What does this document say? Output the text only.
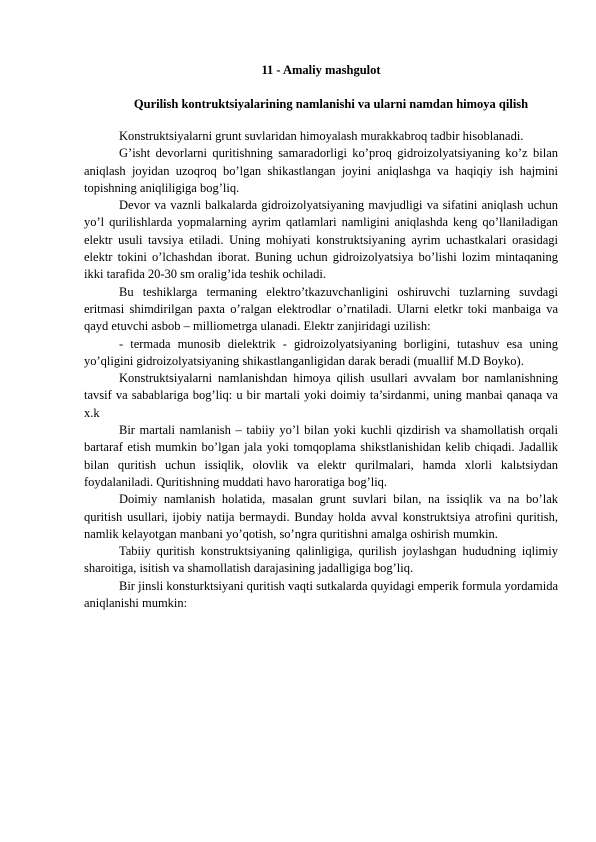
11 - Amaliy mashgulot

Qurilish kontruktsiyalarining namlanishi va ularni namdan himoya qilish

Konstruktsiyalarni grunt suvlaridan himoyalash murakkabroq tadbir hisoblanadi.

G’isht devorlarni quritishning samaradorligi ko’proq gidroizolyatsiyaning ko’z bilan aniqlash joyidan uzoqroq bo’lgan shikastlangan joyini aniqlashga va haqiqiy ish hajmini topishning aniqliligiga bog’liq.

Devor va vaznli balkalarda gidroizolyatsiyaning mavjudligi va sifatini aniqlash uchun yo’l qurilishlarda yopmalarning ayrim qatlamlari namligini aniqlashda keng qo’llaniladigan elektr usuli tavsiya etiladi. Uning mohiyati konstruktsiyaning ayrim uchastkalari orasidagi elektr tokini o’lchashdan iborat. Buning uchun gidroizolyatsiya bo’lishi lozim mintaqaning ikki tarafida 20-30 sm oralig’ida teshik ochiladi.

Bu teshiklarga termaning elektro’tkazuvchanligini oshiruvchi tuzlarning suvdagi eritmasi shimdirilgan paxta o’ralgan elektrodlar o’rnatiladi. Ularni eletkr toki manbaiga va qayd etuvchi asbob – milliometrga ulanadi. Elektr zanjiridagi uzilish:

- termada munosib dielektrik - gidroizolyatsiyaning borligini, tutashuv esa uning yo’qligini gidroizolyatsiyaning shikastlanganligidan darak beradi (muallif M.D Boyko).

Konstruktsiyalarni namlanishdan himoya qilish usullari avvalam bor namlanishning tavsif va sabablariga bog’liq: u bir martali yoki doimiy ta’sirdanmi, uning manbai qanaqa va x.k

Bir martali namlanish – tabiiy yo’l bilan yoki kuchli qizdirish va shamollatish orqali bartaraf etish mumkin bo’lgan jala yoki tomqoplama shikstlanishidan kelib chiqadi. Jadallik bilan quritish uchun issiqlik, olovlik va elektr qurilmalari, hamda xlorli kalьtsiydan foydalaniladi. Quritishning muddati havo haroratiga bog’liq.

Doimiy namlanish holatida, masalan grunt suvlari bilan, na issiqlik va na bo’lak quritish usullari, ijobiy natija bermaydi. Bunday holda avval konstruktsiya atrofini quritish, namlik kelayotgan manbani yo’qotish, so’ngra quritishni amalga oshirish mumkin.

Tabiiy quritish konstruktsiyaning qalinligiga, qurilish joylashgan hududning iqlimiy sharoitiga, isitish va shamollatish darajasining jadalligiga bog’liq.

Bir jinsli konsturktsiyani quritish vaqti sutkalarda quyidagi emperik formula yordamida aniqlanishi mumkin:
